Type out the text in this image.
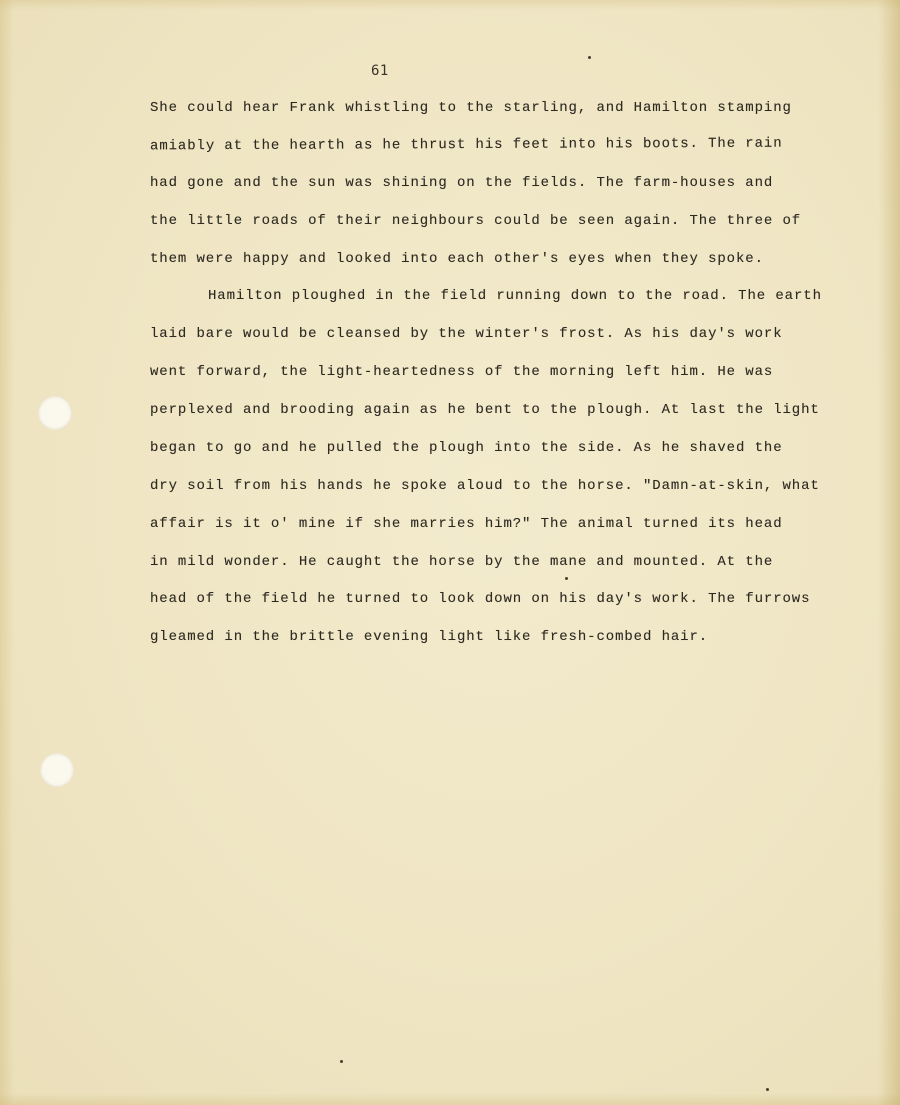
61
She could hear Frank whistling to the starling, and Hamilton stamping
amiably at the hearth as he thrust his feet into his boots. The rain
had gone and the sun was shining on the fields. The farm-houses and
the little roads of their neighbours could be seen again. The three of
them were happy and looked into each other's eyes when they spoke.
Hamilton ploughed in the field running down to the road. The earth
laid bare would be cleansed by the winter's frost. As his day's work
went forward, the light-heartedness of the morning left him. He was
perplexed and brooding again as he bent to the plough. At last the light
began to go and he pulled the plough into the side. As he shaved the
dry soil from his hands he spoke aloud to the horse. "Damn-at-skin, what
affair is it o' mine if she marries him?" The animal turned its head
in mild wonder. He caught the horse by the mane and mounted. At the
head of the field he turned to look down on his day's work. The furrows
gleamed in the brittle evening light like fresh-combed hair.
